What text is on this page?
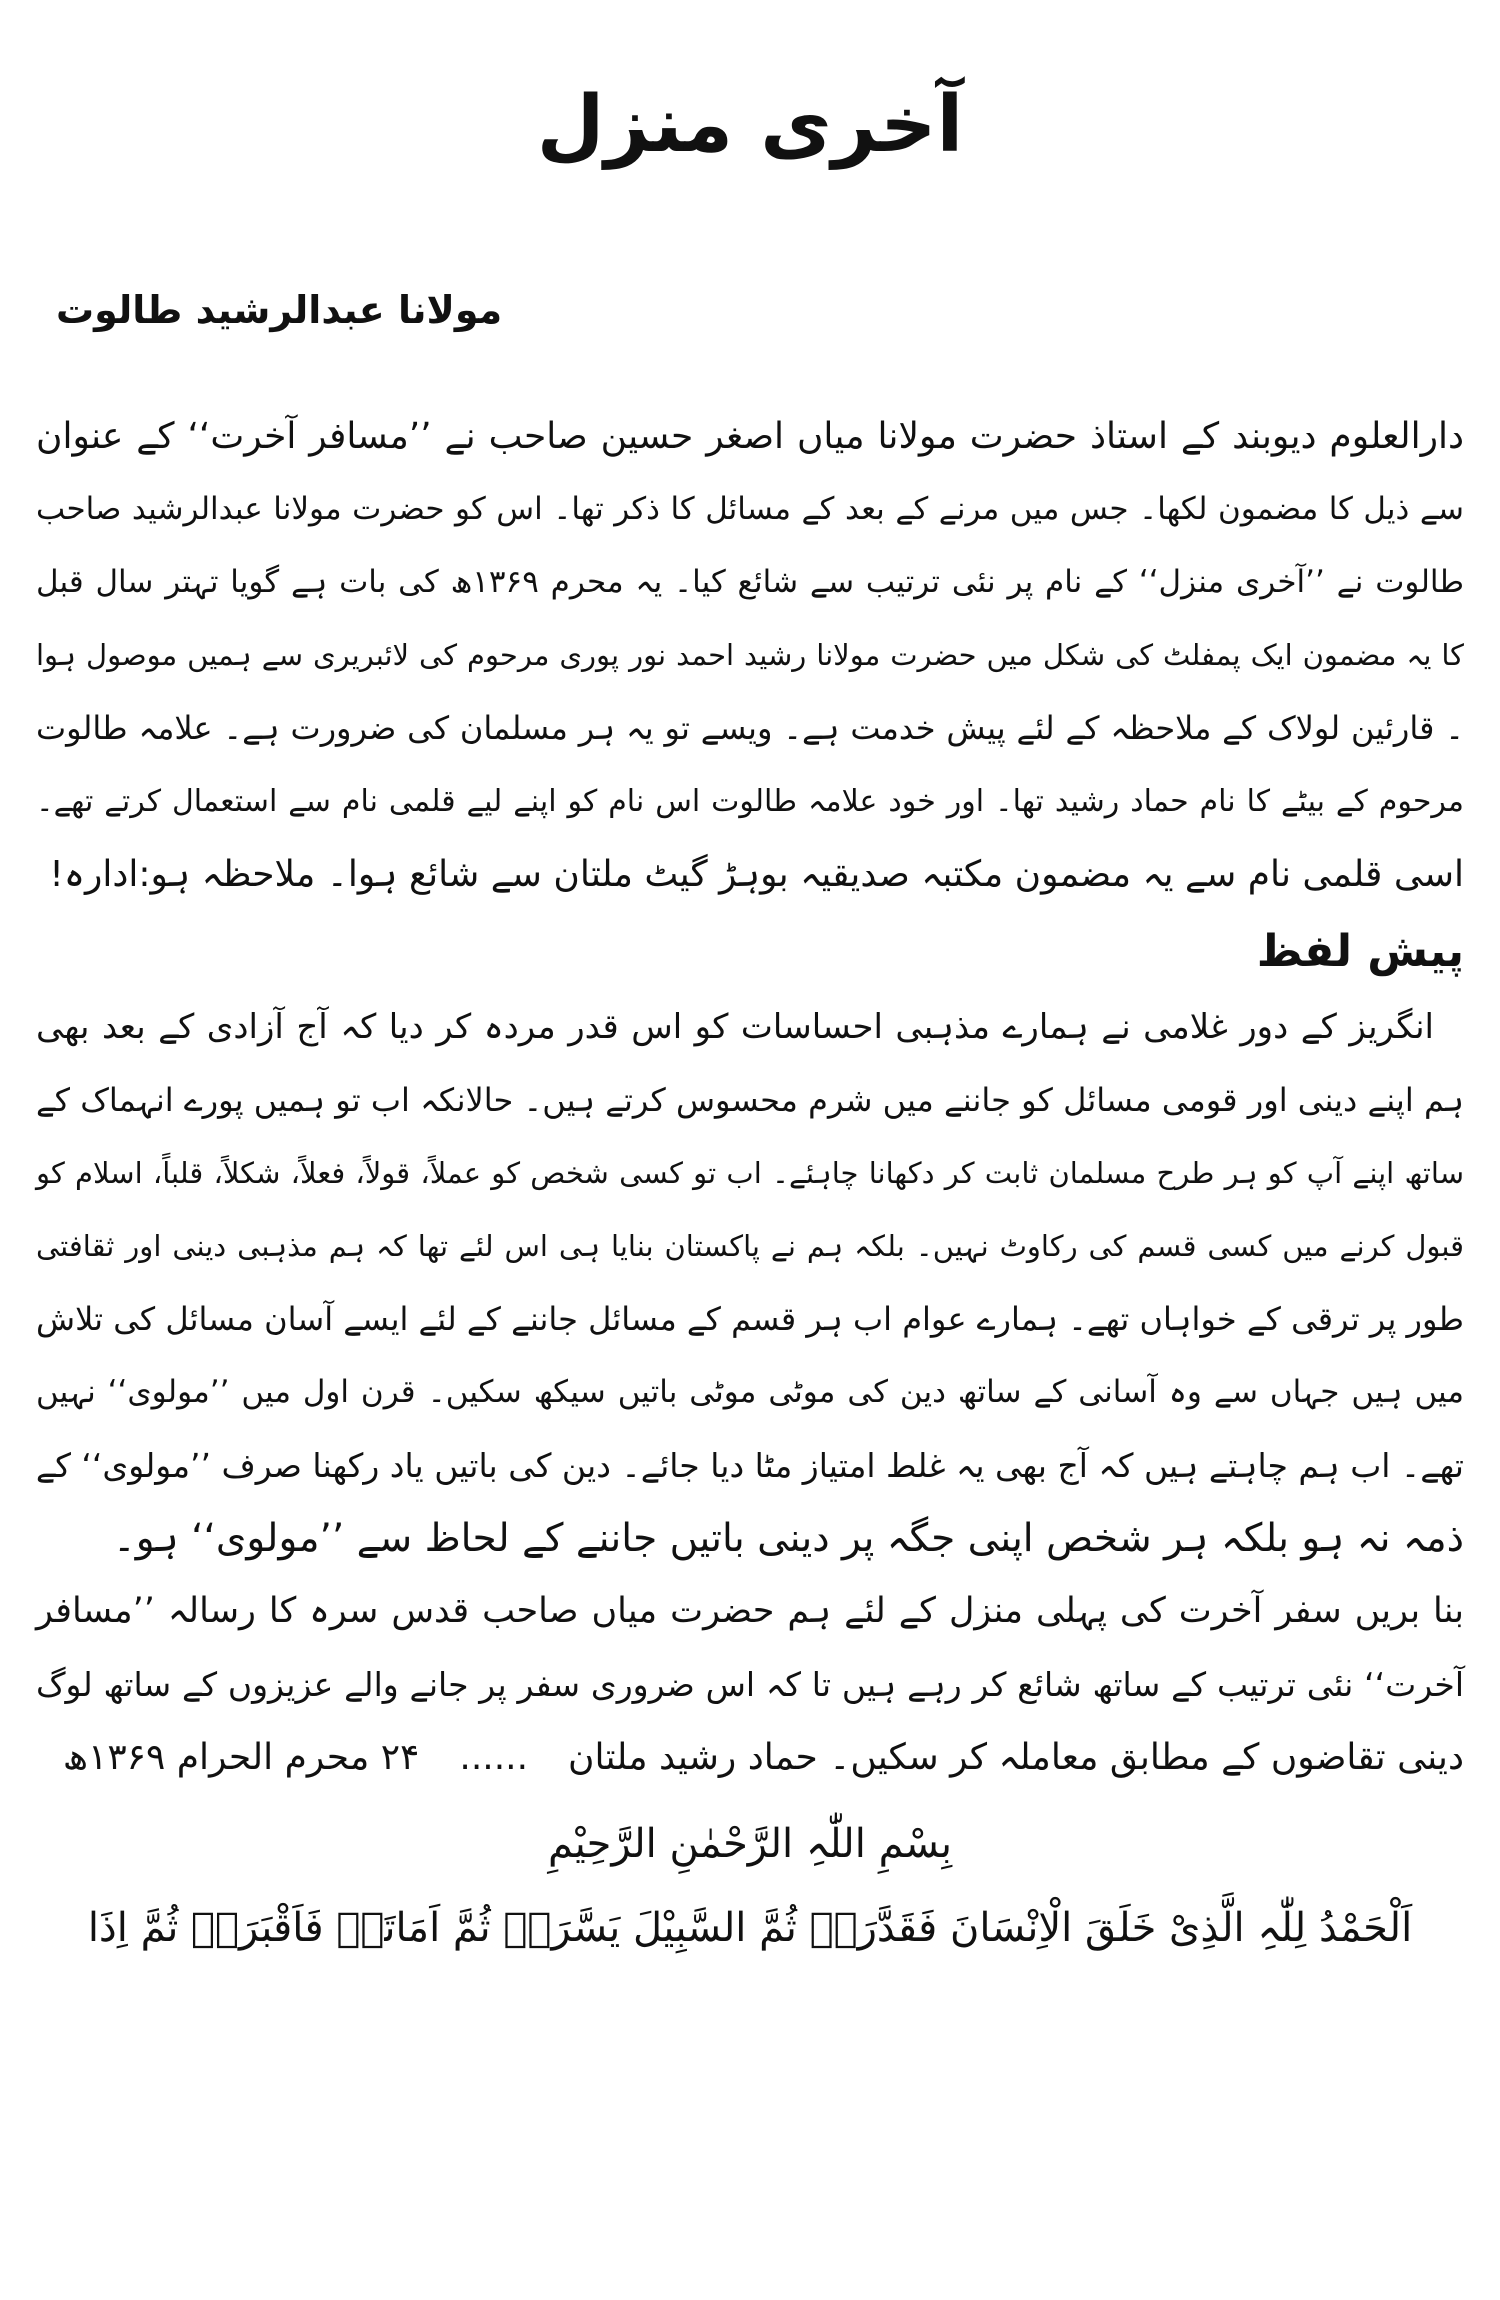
آخری منزل
مولانا عبدالرشید طالوت

دارالعلوم دیوبند کے استاذ حضرت مولانا میاں اصغر حسین صاحب نے ’’مسافر آخرت‘‘ کے عنوان

سے ذیل کا مضمون لکھا۔ جس میں مرنے کے بعد کے مسائل کا ذکر تھا۔ اس کو حضرت مولانا عبدالرشید صاحب

طالوت نے ’’آخری منزل‘‘ کے نام پر نئی ترتیب سے شائع کیا۔ یہ محرم ۱۳۶۹ھ کی بات ہے گویا تہتر سال قبل

کا یہ مضمون ایک پمفلٹ کی شکل میں حضرت مولانا رشید احمد نور پوری مرحوم کی لائبریری سے ہمیں موصول ہوا

۔ قارئین لولاک کے ملاحظہ کے لئے پیش خدمت ہے۔ ویسے تو یہ ہر مسلمان کی ضرورت ہے۔ علامہ طالوت

مرحوم کے بیٹے کا نام حماد رشید تھا۔ اور خود علامہ طالوت اس نام کو اپنے لیے قلمی نام سے استعمال کرتے تھے۔

اسی قلمی نام سے یہ مضمون مکتبہ صدیقیہ بوہڑ گیٹ ملتان سے شائع ہوا۔ ملاحظہ ہو:
ادارہ!
پیش لفظ

انگریز کے دور غلامی نے ہمارے مذہبی احساسات کو اس قدر مردہ کر دیا کہ آج آزادی کے بعد بھی

ہم اپنے دینی اور قومی مسائل کو جاننے میں شرم محسوس کرتے ہیں۔ حالانکہ اب تو ہمیں پورے انہماک کے

ساتھ اپنے آپ کو ہر طرح مسلمان ثابت کر دکھانا چاہئے۔ اب تو کسی شخص کو عملاً، قولاً، فعلاً، شکلاً، قلباً، اسلام کو

قبول کرنے میں کسی قسم کی رکاوٹ نہیں۔ بلکہ ہم نے پاکستان بنایا ہی اس لئے تھا کہ ہم مذہبی دینی اور ثقافتی

طور پر ترقی کے خواہاں تھے۔ ہمارے عوام اب ہر قسم کے مسائل جاننے کے لئے ایسے آسان مسائل کی تلاش

میں ہیں جہاں سے وہ آسانی کے ساتھ دین کی موٹی موٹی باتیں سیکھ سکیں۔ قرن اول میں ’’مولوی‘‘ نہیں

تھے۔ اب ہم چاہتے ہیں کہ آج بھی یہ غلط امتیاز مٹا دیا جائے۔ دین کی باتیں یاد رکھنا صرف ’’مولوی‘‘ کے

ذمہ نہ ہو بلکہ ہر شخص اپنی جگہ پر دینی باتیں جاننے کے لحاظ سے ’’مولوی‘‘ ہو۔

بنا بریں سفر آخرت کی پہلی منزل کے لئے ہم حضرت میاں صاحب قدس سرہ کا رسالہ ’’مسافر

آخرت‘‘ نئی ترتیب کے ساتھ شائع کر رہے ہیں تا کہ اس ضروری سفر پر جانے والے عزیزوں کے ساتھ لوگ

دینی تقاضوں کے مطابق معاملہ کر سکیں۔ حماد رشید ملتان
......
۲۴ محرم الحرام ۱۳۶۹ھ
بِسْمِ اللّٰہِ الرَّحْمٰنِ الرَّحِیْمِ
اَلْحَمْدُ لِلّٰہِ الَّذِیْ خَلَقَ الْاِنْسَانَ فَقَدَّرَہٗ ثُمَّ السَّبِیْلَ یَسَّرَہٗ ثُمَّ اَمَاتَہٗ فَاَقْبَرَہٗ ثُمَّ اِذَا
